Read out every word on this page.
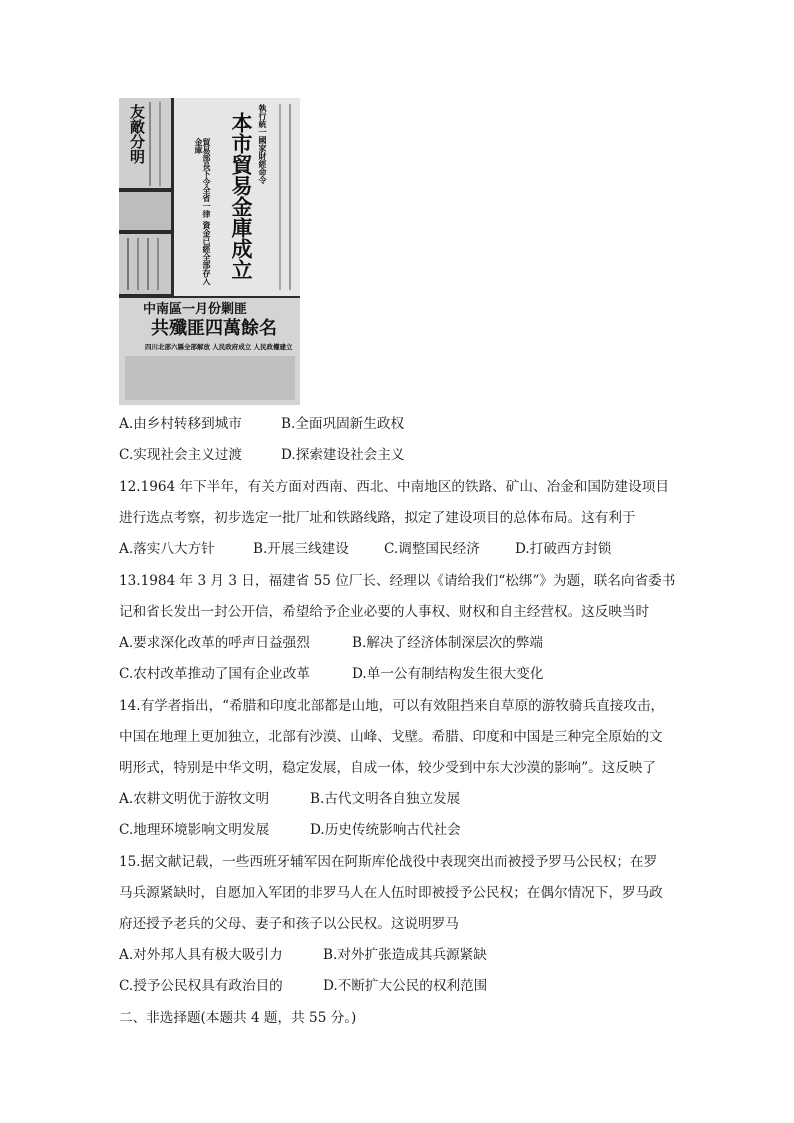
友敵分明	執行統一國家財經命令
本市貿易金庫成立
貿易部長下令全省一律 資金已經全部存入金庫
中南區一月份剿匪
共殲匪四萬餘名
四川北部六縣全部解放 人民政府成立 人民政權建立
A.由乡村转移到城市	B.全面巩固新生政权
C.实现社会主义过渡	D.探索建设社会主义
12.1964 年下半年，有关方面对西南、西北、中南地区的铁路、矿山、冶金和国防建设项目
进行选点考察，初步选定一批厂址和铁路线路，拟定了建设项目的总体布局。这有利于
A.落实八大方针	B.开展三线建设	C.调整国民经济	D.打破西方封锁
13.1984 年 3 月 3 日，福建省 55 位厂长、经理以《请给我们“松绑”》为题，联名向省委书
记和省长发出一封公开信，希望给予企业必要的人事权、财权和自主经营权。这反映当时
A.要求深化改革的呼声日益强烈	B.解决了经济体制深层次的弊端
C.农村改革推动了国有企业改革	D.单一公有制结构发生很大变化
14.有学者指出，“希腊和印度北部都是山地，可以有效阻挡来自草原的游牧骑兵直接攻击，
中国在地理上更加独立，北部有沙漠、山峰、戈壁。希腊、印度和中国是三种完全原始的文
明形式，特别是中华文明，稳定发展，自成一体，较少受到中东大沙漠的影响”。这反映了
A.农耕文明优于游牧文明	B.古代文明各自独立发展
C.地理环境影响文明发展	D.历史传统影响古代社会
15.据文献记载，一些西班牙辅军因在阿斯库伦战役中表现突出而被授予罗马公民权；在罗
马兵源紧缺时，自愿加入军团的非罗马人在人伍时即被授予公民权；在偶尔情况下，罗马政
府还授予老兵的父母、妻子和孩子以公民权。这说明罗马
A.对外邦人具有极大吸引力	B.对外扩张造成其兵源紧缺
C.授予公民权具有政治目的	D.不断扩大公民的权利范围
二、非选择题(本题共 4 题，共 55 分。)
